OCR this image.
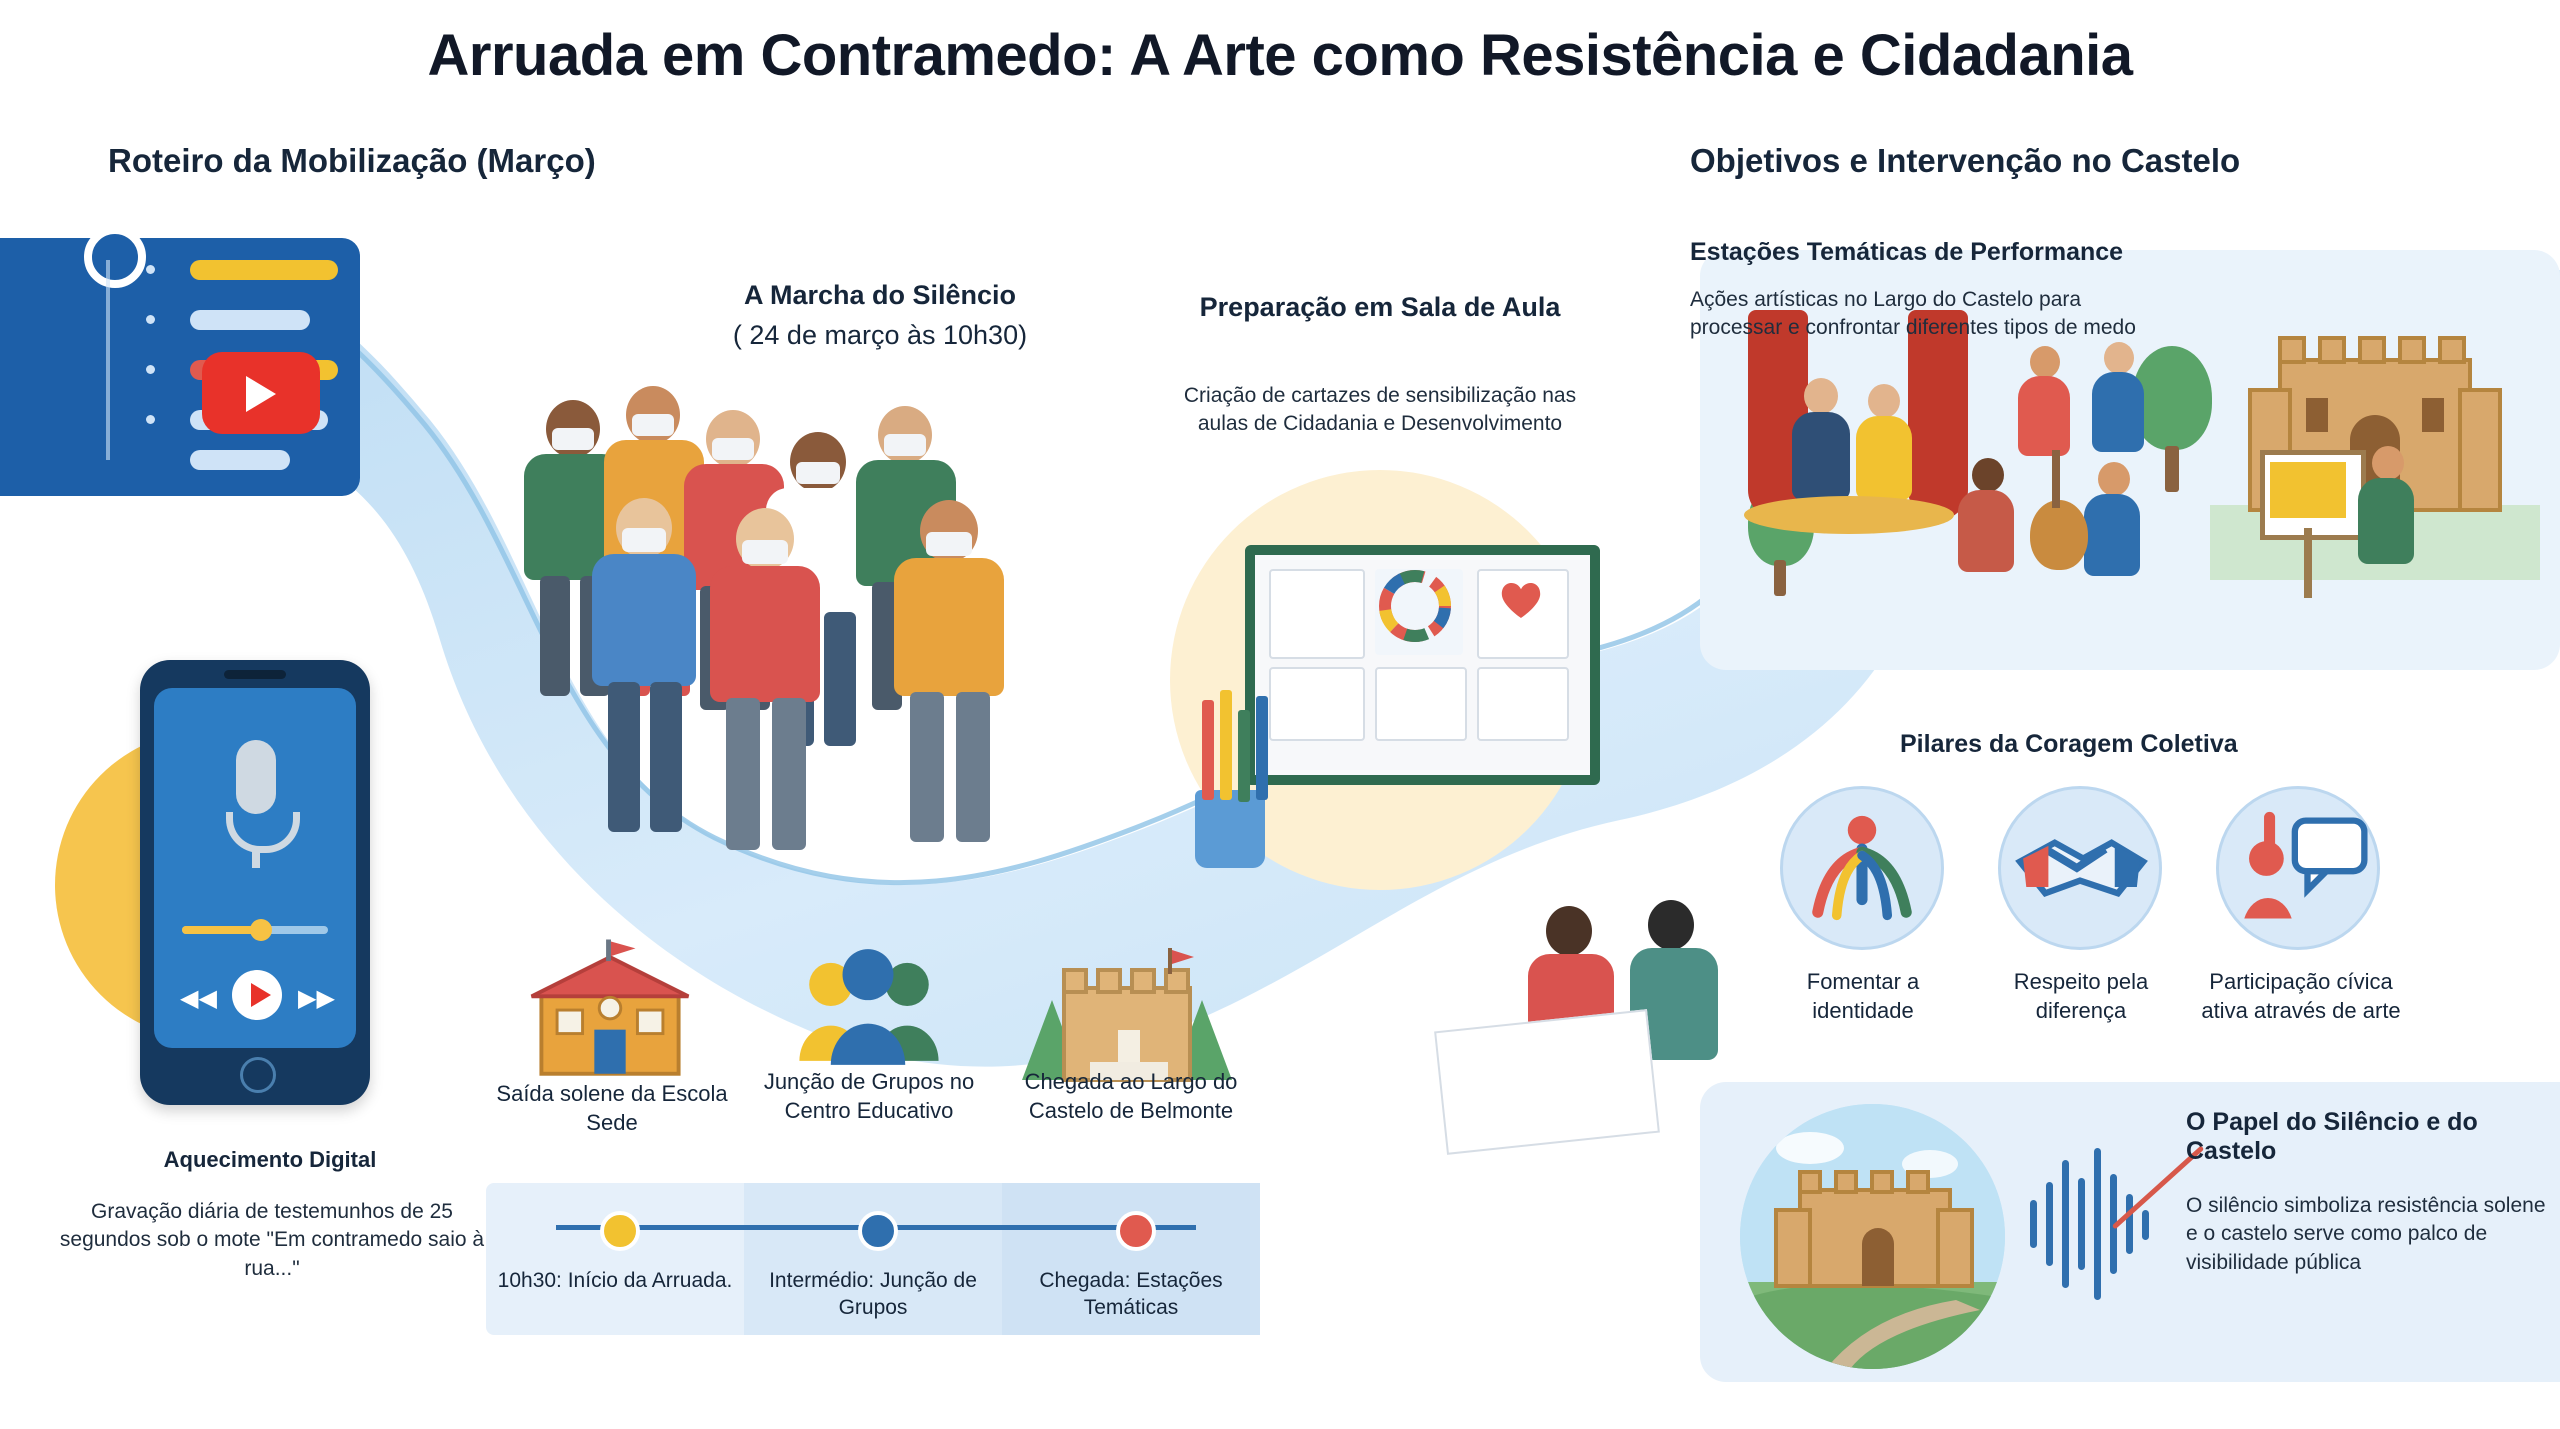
Arruada em Contramedo: A Arte como Resistência e Cidadania
Roteiro da Mobilização (Março)	Objetivos e Intervenção no Castelo
◀◀	▶▶
Aquecimento Digital
Gravação diária de testemunhos de 25 segundos sob o mote "Em contramedo saio à rua..."
A Marcha do Silêncio
( 24 de março às 10h30)
Preparação em Sala de Aula
Criação de cartazes de sensibilização nas aulas de Cidadania e Desenvolvimento
Saída solene da Escola Sede
Junção de Grupos no Centro Educativo
Chegada ao Largo do Castelo de Belmonte
10h30: Início da Arruada.	Intermédio: Junção de Grupos
Chegada: Estações Temáticas
Estações Temáticas de Performance
Ações artísticas no Largo do Castelo para processar e confrontar diferentes tipos de medo
Pilares da Coragem Coletiva
Fomentar a identidade
Respeito pela diferença
Participação cívica ativa através de arte
O Papel do Silêncio e do Castelo
O silêncio simboliza resistência solene e o castelo serve como palco de visibilidade pública
